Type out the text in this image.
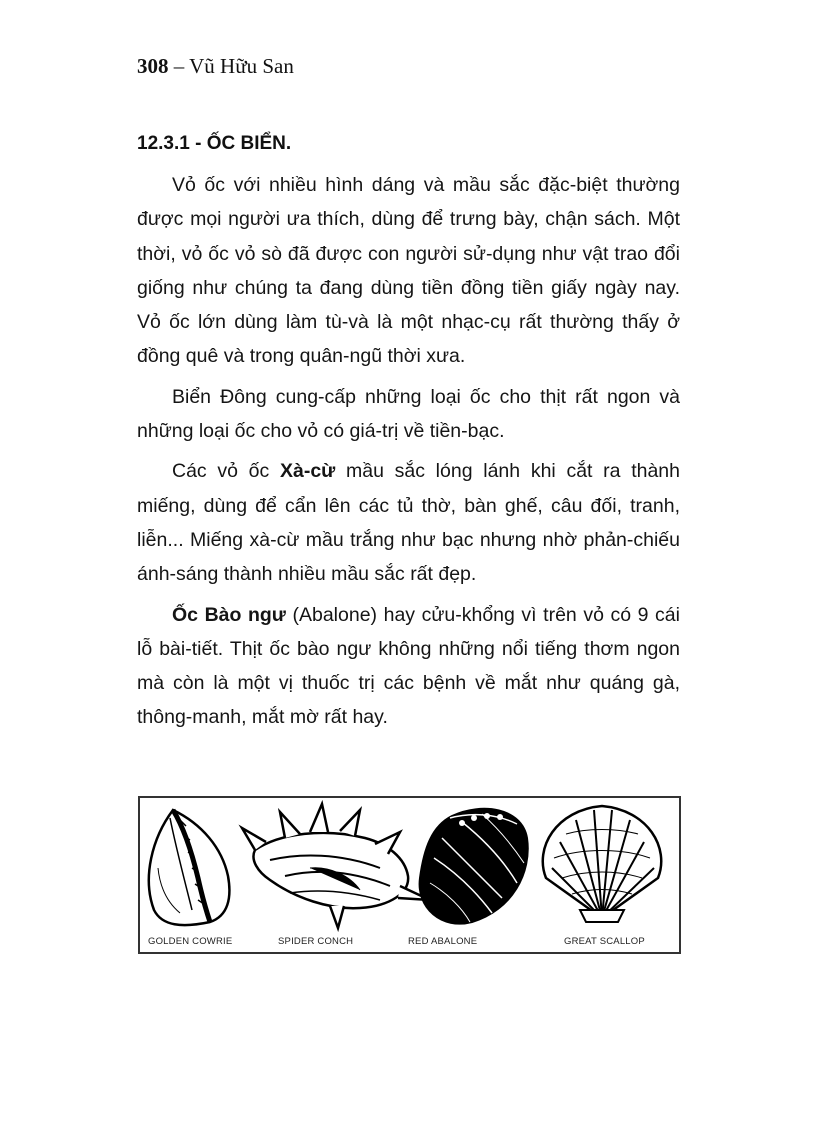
308 – Vũ Hữu San
12.3.1 - ỐC BIỂN.

Vỏ ốc với nhiều hình dáng và mầu sắc đặc-biệt thường được mọi người ưa thích, dùng để trưng bày, chận sách. Một thời, vỏ ốc vỏ sò đã được con người sử-dụng như vật trao đổi giống như chúng ta đang dùng tiền đồng tiền giấy ngày nay. Vỏ ốc lớn dùng làm tù-và là một nhạc-cụ rất thường thấy ở đồng quê và trong quân-ngũ thời xưa.

Biển Đông cung-cấp những loại ốc cho thịt rất ngon và những loại ốc cho vỏ có giá-trị về tiền-bạc.

Các vỏ ốc Xà-cừ mầu sắc lóng lánh khi cắt ra thành miếng, dùng để cẩn lên các tủ thờ, bàn ghế, câu đối, tranh, liễn... Miếng xà-cừ mầu trắng như bạc nhưng nhờ phản-chiếu ánh-sáng thành nhiều mầu sắc rất đẹp.

Ốc Bào ngư (Abalone) hay cửu-khổng vì trên vỏ có 9 cái lỗ bài-tiết. Thịt ốc bào ngư không những nổi tiếng thơm ngon mà còn là một vị thuốc trị các bệnh về mắt như quáng gà, thông-manh, mắt mờ rất hay.

GOLDEN COWRIE	SPIDER CONCH	RED ABALONE	GREAT SCALLOP
